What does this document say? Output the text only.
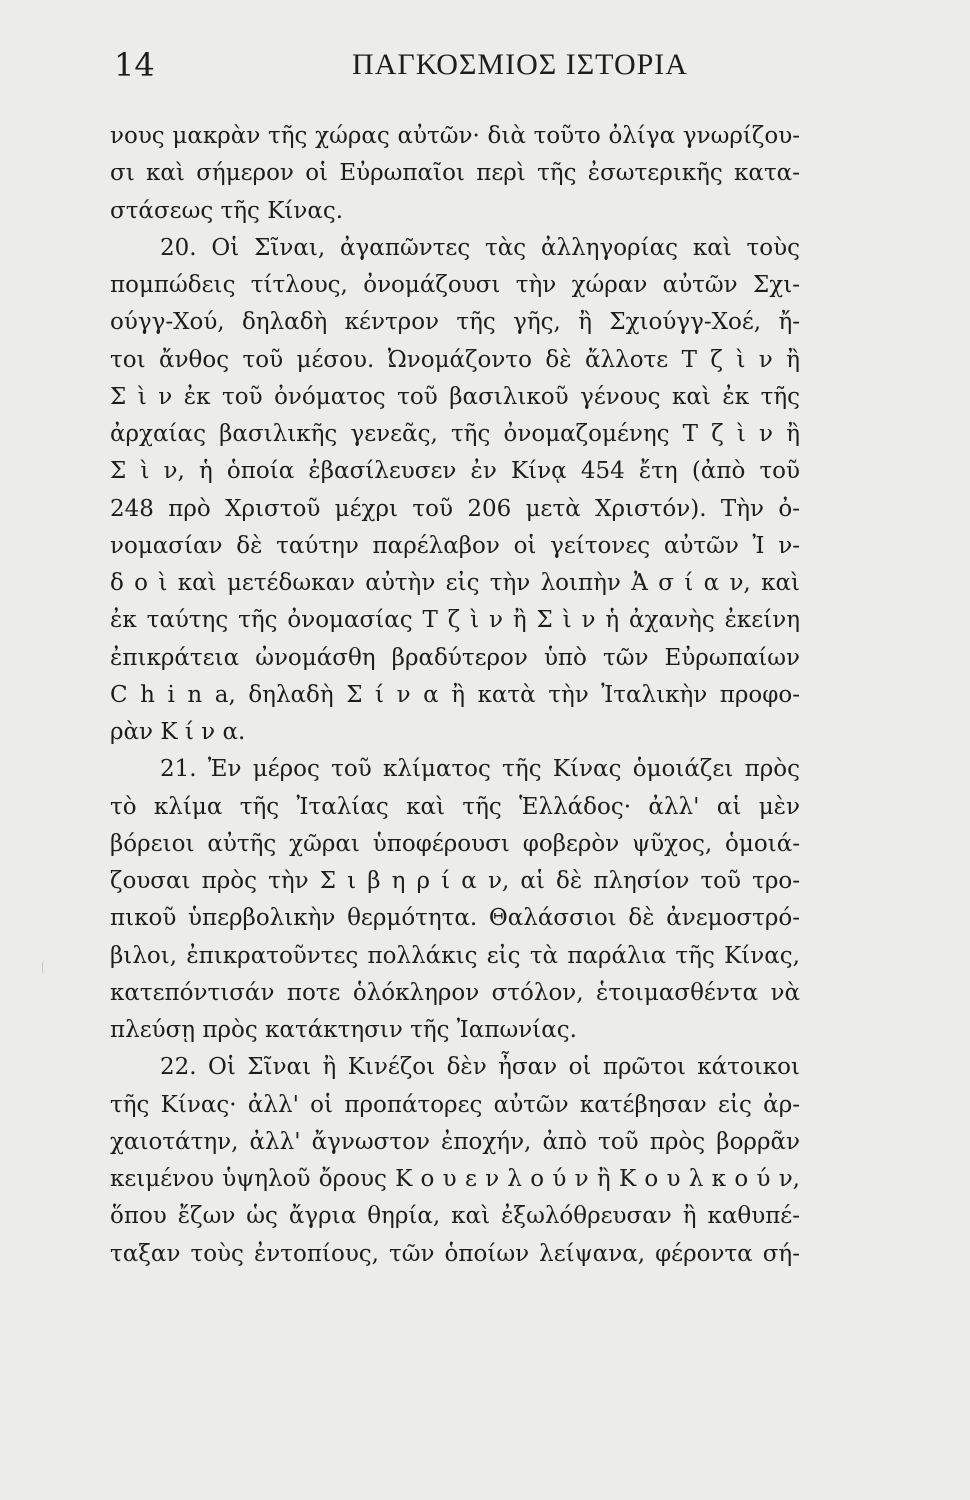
14	ΠΑΓΚΟΣΜΙΟΣ ΙΣΤΟΡΙΑ
νους μακρὰν τῆς χώρας αὐτῶν· διὰ τοῦτο ὀλίγα γνωρίζου-
σι καὶ σήμερον οἱ Εὐρωπαῖοι περὶ τῆς ἐσωτερικῆς κατα-
στάσεως τῆς Κίνας.
20. Οἱ Σῖναι, ἀγαπῶντες τὰς ἀλληγορίας καὶ τοὺς
πομπώδεις τίτλους, ὀνομάζουσι τὴν χώραν αὐτῶν Σχι-
ούγγ-Χού, δηλαδὴ κέντρον τῆς γῆς, ἢ Σχιούγγ-Χοέ, ἤ-
τοι ἄνθος τοῦ μέσου. Ὠνομάζοντο δὲ ἄλλοτε Τ ζ ὶ ν ἢ
Σ ὶ ν ἐκ τοῦ ὀνόματος τοῦ βασιλικοῦ γένους καὶ ἐκ τῆς
ἀρχαίας βασιλικῆς γενεᾶς, τῆς ὀνομαζομένης Τ ζ ὶ ν ἢ
Σ ὶ ν, ἡ ὁποία ἐβασίλευσεν ἐν Κίνᾳ 454 ἔτη (ἀπὸ τοῦ
248 πρὸ Χριστοῦ μέχρι τοῦ 206 μετὰ Χριστόν). Τὴν ὀ-
νομασίαν δὲ ταύτην παρέλαβον οἱ γείτονες αὐτῶν Ἰ ν-
δ ο ὶ καὶ μετέδωκαν αὐτὴν εἰς τὴν λοιπὴν Ἀ σ ί α ν, καὶ
ἐκ ταύτης τῆς ὀνομασίας Τ ζ ὶ ν ἢ Σ ὶ ν ἡ ἀχανὴς ἐκείνη
ἐπικράτεια ὠνομάσθη βραδύτερον ὑπὸ τῶν Εὐρωπαίων
C h i n a, δηλαδὴ Σ ί ν α ἢ κατὰ τὴν Ἰταλικὴν προφο-
ρὰν Κ ί ν α.
21. Ἐν μέρος τοῦ κλίματος τῆς Κίνας ὁμοιάζει πρὸς
τὸ κλίμα τῆς Ἰταλίας καὶ τῆς Ἑλλάδος· ἀλλ' αἱ μὲν
βόρειοι αὐτῆς χῶραι ὑποφέρουσι φοβερὸν ψῦχος, ὁμοιά-
ζουσαι πρὸς τὴν Σ ι β η ρ ί α ν, αἱ δὲ πλησίον τοῦ τρο-
πικοῦ ὑπερβολικὴν θερμότητα. Θαλάσσιοι δὲ ἀνεμοστρό-
βιλοι, ἐπικρατοῦντες πολλάκις εἰς τὰ παράλια τῆς Κίνας,
κατεπόντισάν ποτε ὁλόκληρον στόλον, ἑτοιμασθέντα νὰ
πλεύσῃ πρὸς κατάκτησιν τῆς Ἰαπωνίας.
22. Οἱ Σῖναι ἢ Κινέζοι δὲν ἦσαν οἱ πρῶτοι κάτοικοι
τῆς Κίνας· ἀλλ' οἱ προπάτορες αὐτῶν κατέβησαν εἰς ἀρ-
χαιοτάτην, ἀλλ' ἄγνωστον ἐποχήν, ἀπὸ τοῦ πρὸς βορρᾶν
κειμένου ὑψηλοῦ ὄρους Κ ο υ ε ν λ ο ύ ν ἢ Κ ο υ λ κ ο ύ ν,
ὅπου ἔζων ὡς ἄγρια θηρία, καὶ ἐξωλόθρευσαν ἢ καθυπέ-
ταξαν τοὺς ἐντοπίους, τῶν ὁποίων λείψανα, φέροντα σή-
